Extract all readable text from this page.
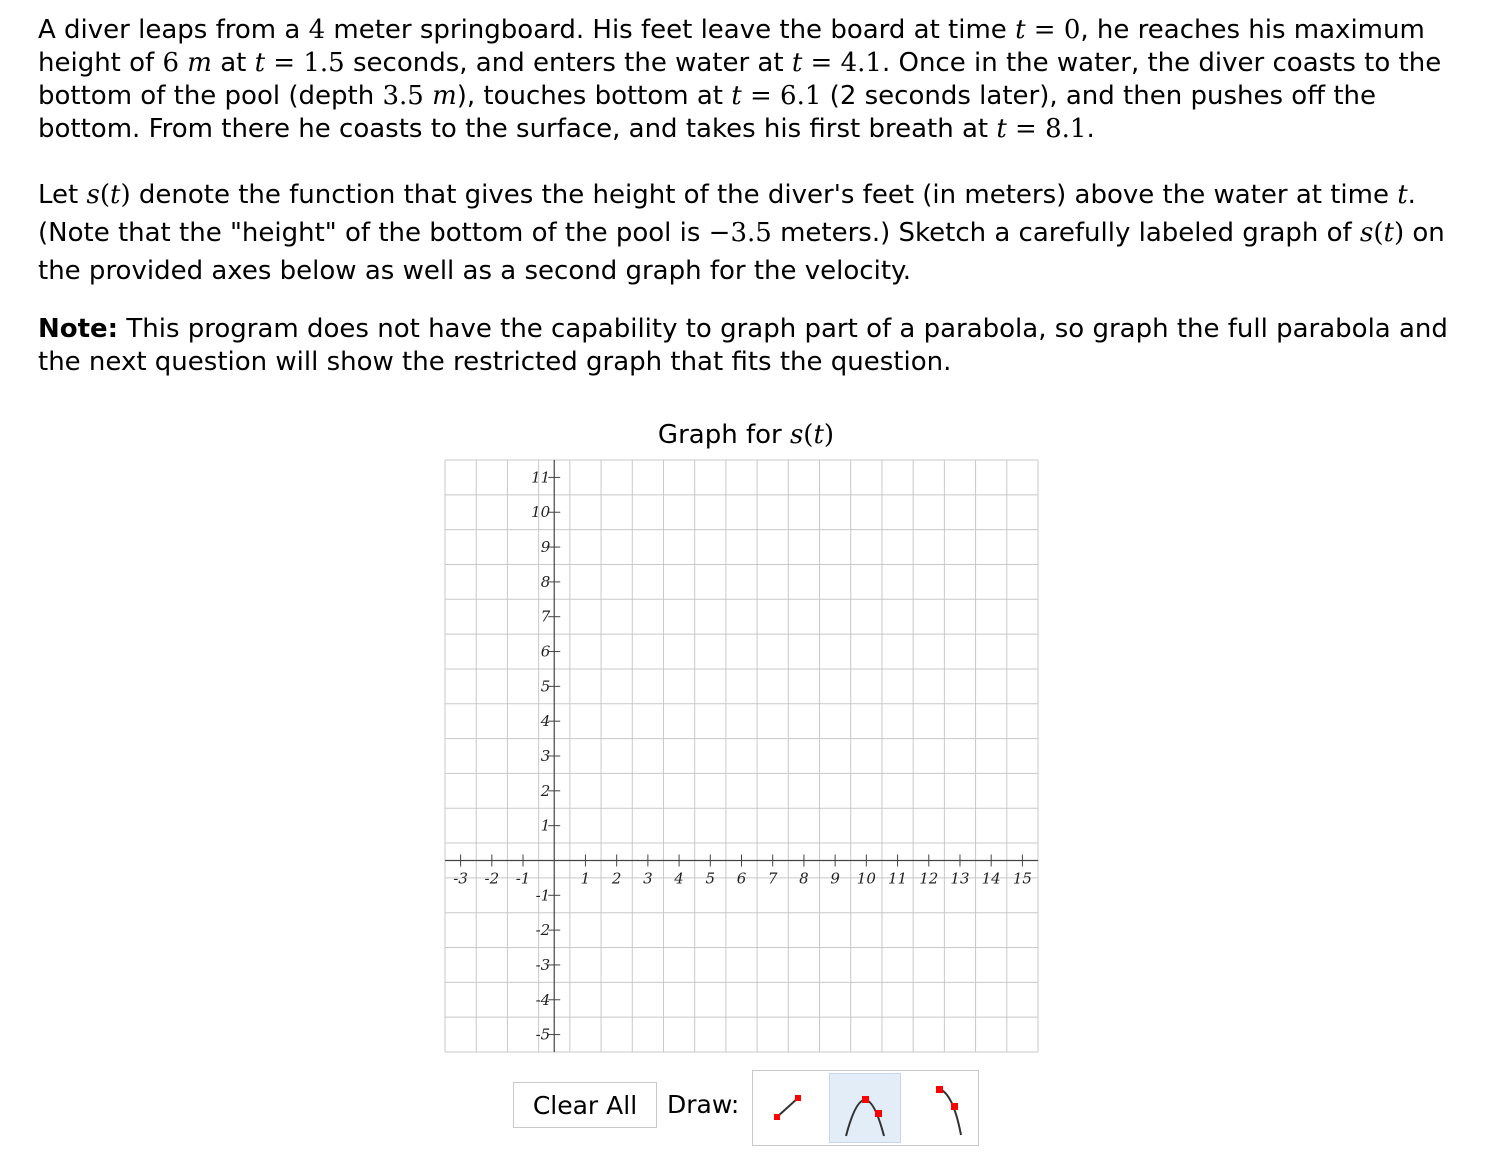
A diver leaps from a 4 meter springboard. His feet leave the board at time t = 0, he reaches his maximum height of 6 m at t = 1.5 seconds, and enters the water at t = 4.1. Once in the water, the diver coasts to the bottom of the pool (depth 3.5 m), touches bottom at t = 6.1 (2 seconds later), and then pushes off the bottom. From there he coasts to the surface, and takes his first breath at t = 8.1.
Let s(t) denote the function that gives the height of the diver's feet (in meters) above the water at time t. (Note that the "height" of the bottom of the pool is −3.5 meters.) Sketch a carefully labeled graph of s(t) on the provided axes below as well as a second graph for the velocity.
Note: This program does not have the capability to graph part of a parabola, so graph the full parabola and the next question will show the restricted graph that fits the question.
Graph for s(t)
-3 -2 -1	1 2 3 4 5 6 7 8 9 10 11 12 13 14 15
11
10
9
8
7
6
5
4
3
2
1
-1
-2
-3
-4
-5
Clear All	Draw:
